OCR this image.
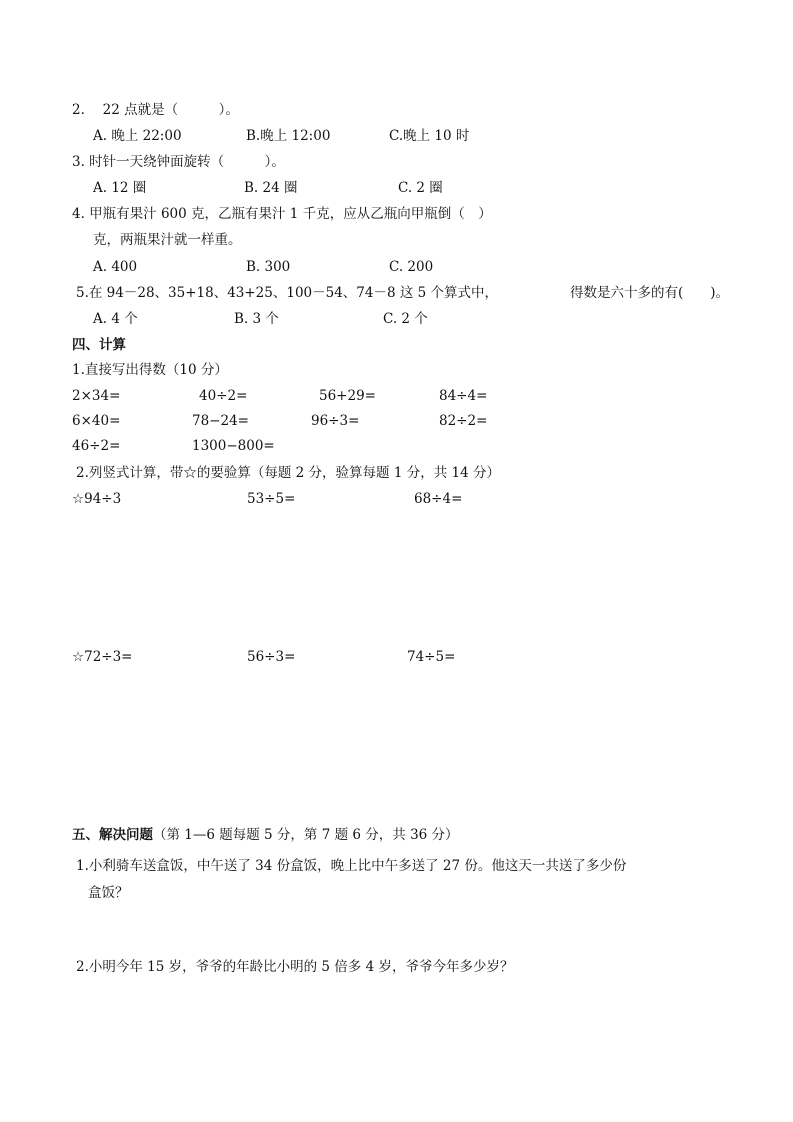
2.　 22 点就是（　　　）。
A. 晚上 22:00	B.晚上 12:00	C.晚上 10 时
3. 时针一天绕钟面旋转（　　　）。
A. 12 圈	B. 24 圈	C. 2 圈
4. 甲瓶有果汁 600 克，乙瓶有果汁 1 千克，应从乙瓶向甲瓶倒（　）
克，两瓶果汁就一样重。
A. 400	B. 300	C. 200
5.在 94－28、35+18、43+25、100－54、74－8 这 5 个算式中，	得数是六十多的有(　　)。
A. 4 个	B. 3 个	C. 2 个
四、计算
1.直接写出得数（10 分）
2×34=	40÷2=	56+29=	84÷4=
6×40=	78−24=	96÷3=	82÷2=
46÷2=	1300−800=
2.列竖式计算，带☆的要验算（每题 2 分，验算每题 1 分，共 14 分）
☆94÷3	53÷5=	68÷4=
☆72÷3=	56÷3=	74÷5=
五、解决问题（第 1—6 题每题 5 分，第 7 题 6 分，共 36 分）
1.小利骑车送盒饭，中午送了 34 份盒饭，晚上比中午多送了 27 份。他这天一共送了多少份
盒饭？
2.小明今年 15 岁，爷爷的年龄比小明的 5 倍多 4 岁，爷爷今年多少岁？
